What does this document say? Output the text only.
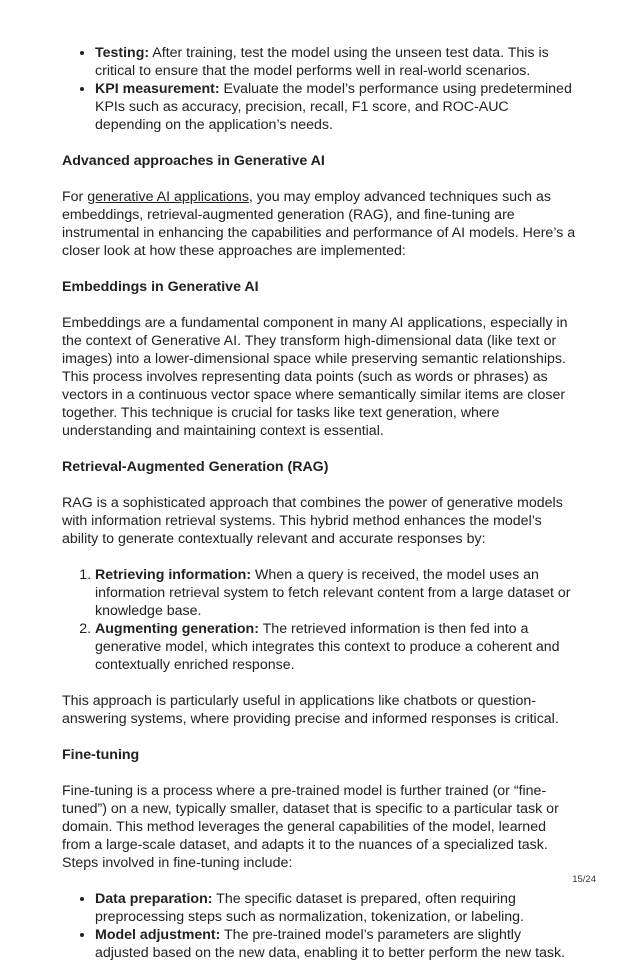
• Testing: After training, test the model using the unseen test data. This is critical to ensure that the model performs well in real-world scenarios.
• KPI measurement: Evaluate the model’s performance using predetermined KPIs such as accuracy, precision, recall, F1 score, and ROC-AUC depending on the application’s needs.
Advanced approaches in Generative AI

For generative AI applications, you may employ advanced techniques such as embeddings, retrieval-augmented generation (RAG), and fine-tuning are instrumental in enhancing the capabilities and performance of AI models. Here’s a closer look at how these approaches are implemented:

Embeddings in Generative AI

Embeddings are a fundamental component in many AI applications, especially in the context of Generative AI. They transform high-dimensional data (like text or images) into a lower-dimensional space while preserving semantic relationships. This process involves representing data points (such as words or phrases) as vectors in a continuous vector space where semantically similar items are closer together. This technique is crucial for tasks like text generation, where understanding and maintaining context is essential.

Retrieval-Augmented Generation (RAG)

RAG is a sophisticated approach that combines the power of generative models with information retrieval systems. This hybrid method enhances the model’s ability to generate contextually relevant and accurate responses by:

1. Retrieving information: When a query is received, the model uses an information retrieval system to fetch relevant content from a large dataset or knowledge base.
2. Augmenting generation: The retrieved information is then fed into a generative model, which integrates this context to produce a coherent and contextually enriched response.

This approach is particularly useful in applications like chatbots or question-answering systems, where providing precise and informed responses is critical.

Fine-tuning

Fine-tuning is a process where a pre-trained model is further trained (or “fine-tuned”) on a new, typically smaller, dataset that is specific to a particular task or domain. This method leverages the general capabilities of the model, learned from a large-scale dataset, and adapts it to the nuances of a specialized task. Steps involved in fine-tuning include:

• Data preparation: The specific dataset is prepared, often requiring preprocessing steps such as normalization, tokenization, or labeling.
• Model adjustment: The pre-trained model’s parameters are slightly adjusted based on the new data, enabling it to better perform the new task.
15/24
